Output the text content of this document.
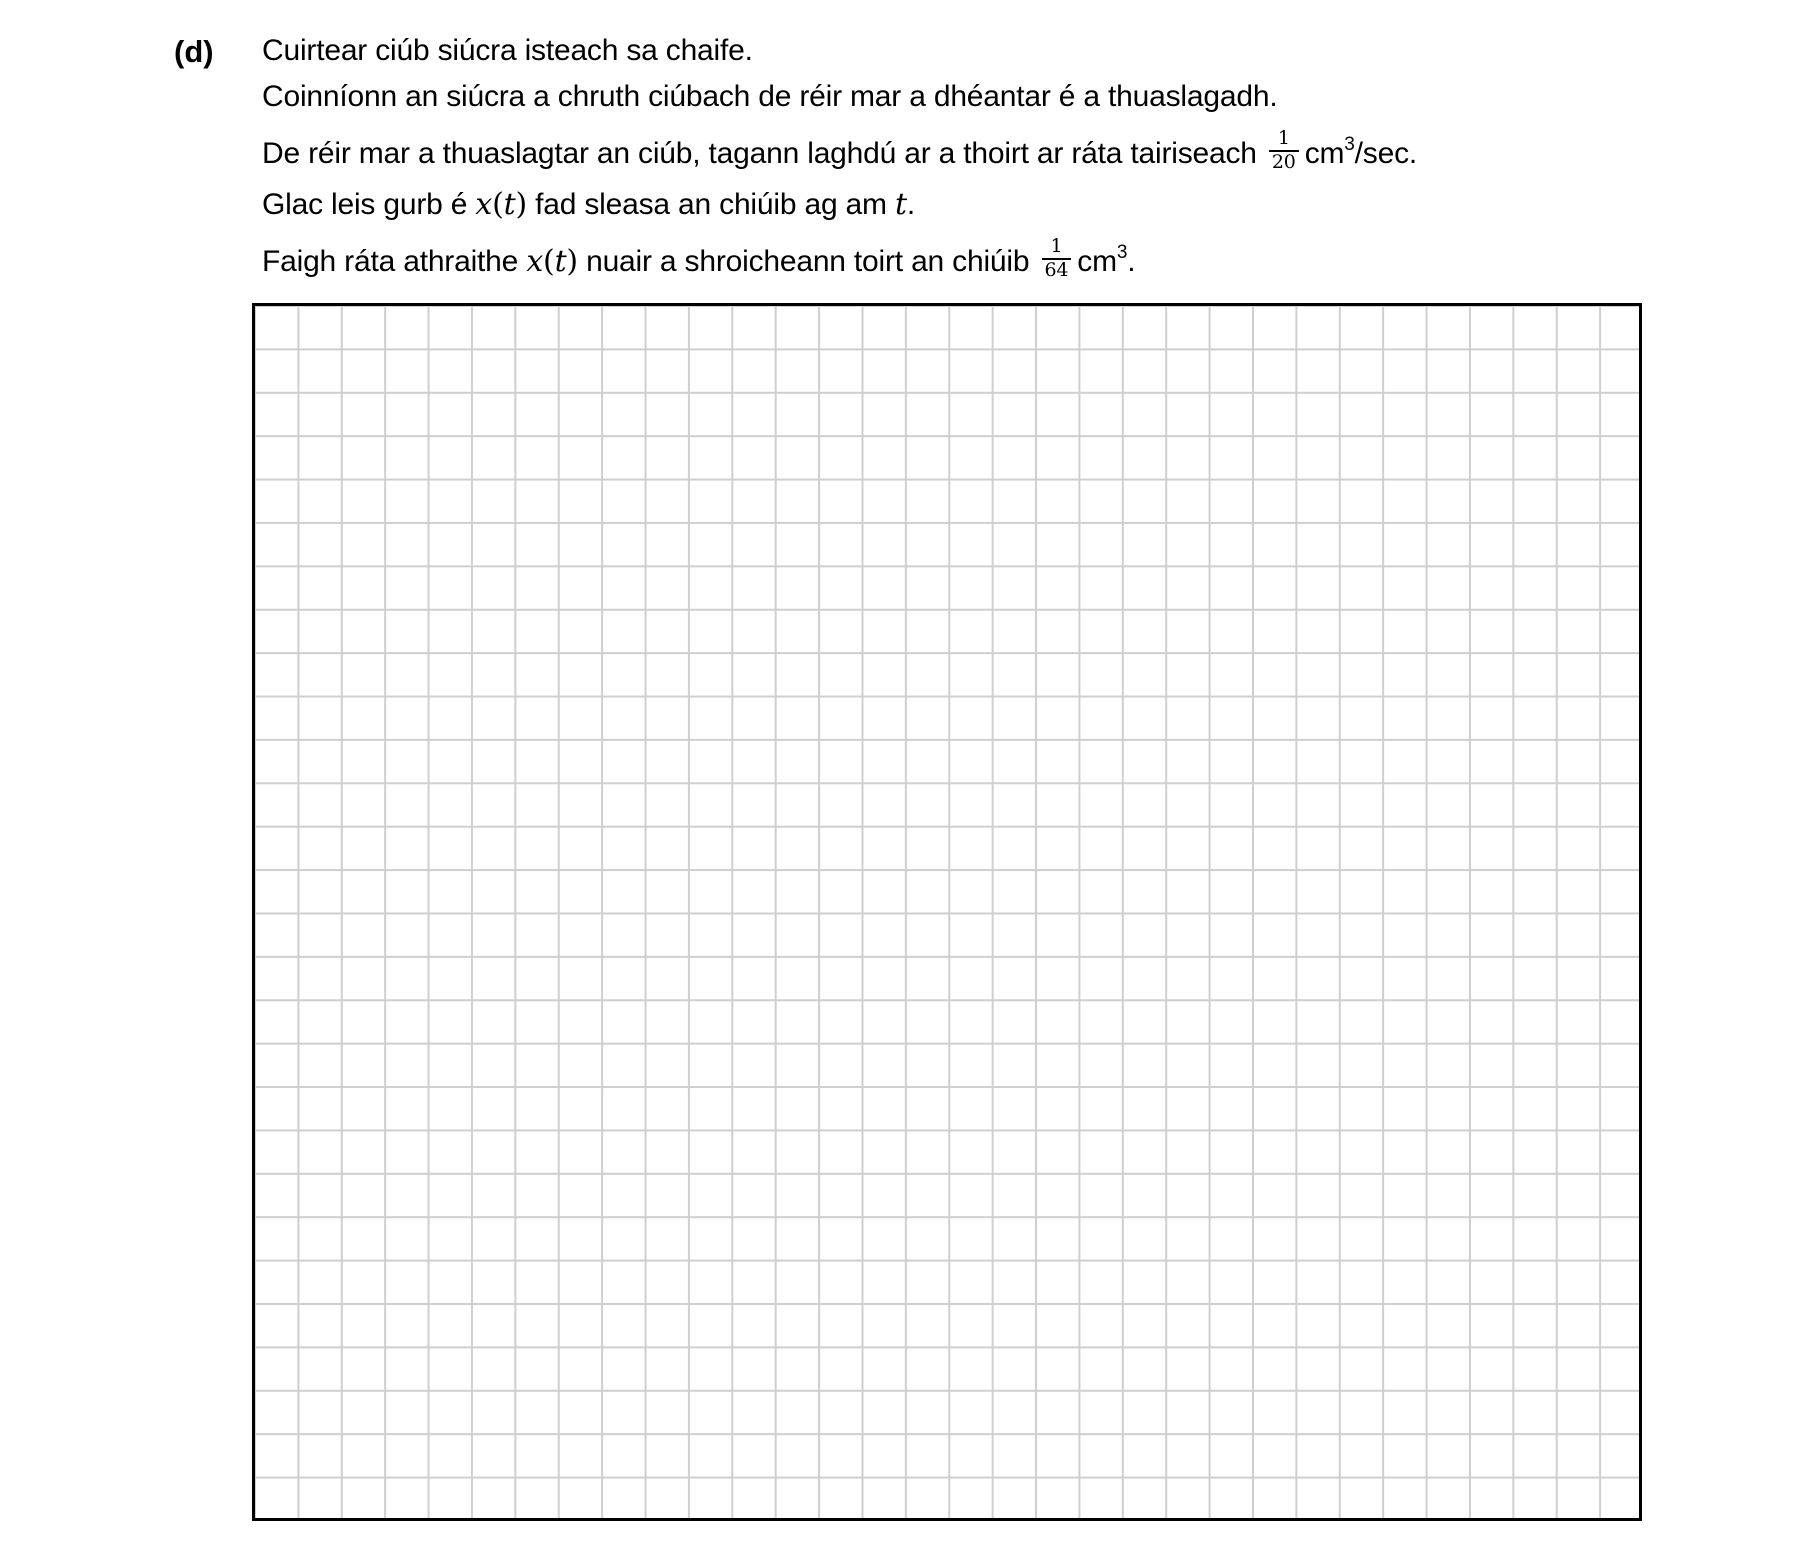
(d) Cuirtear ciúb siúcra isteach sa chaife.
Coinníonn an siúcra a chruth ciúbach de réir mar a dhéantar é a thuaslagadh.
De réir mar a thuaslagtar an ciúb, tagann laghdú ar a thoirt ar ráta tairiseach $\frac{1}{20} cm^3/\sec$.
Glac leis gurb é x(t) fad sleasa an chiúib ag am t.
Faigh ráta athraithe x(t) nuair a shroicheann toirt an chiúib $\frac{1}{64} cm^3$.
